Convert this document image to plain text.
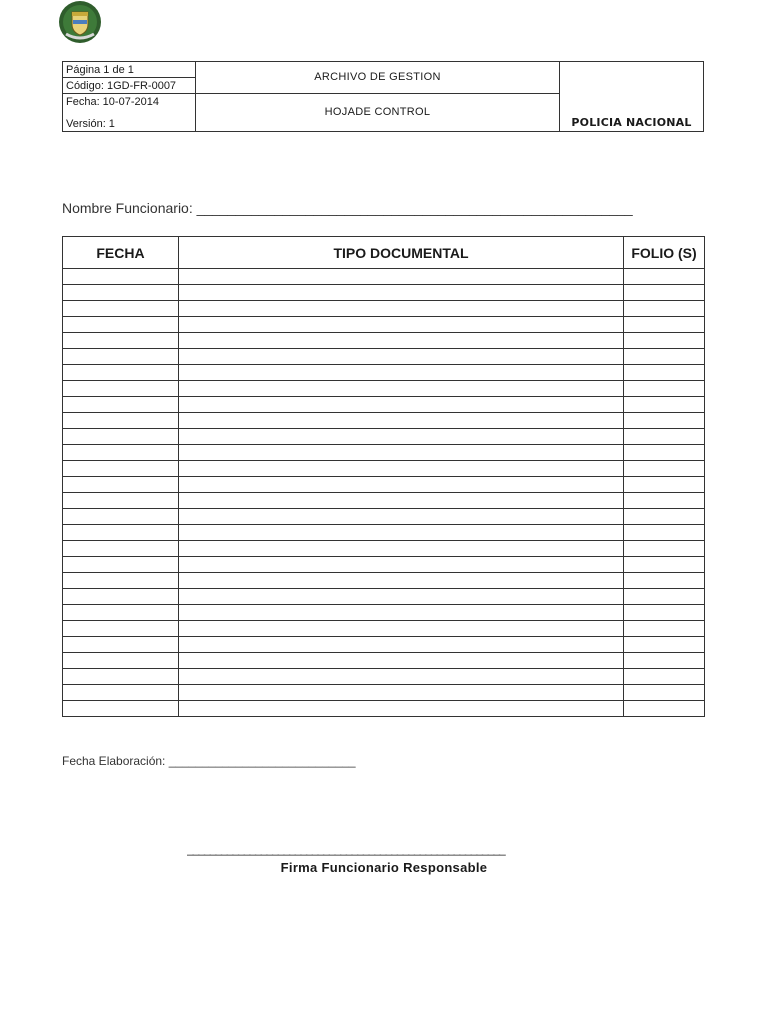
Página 1 de 1
Código: 1GD-FR-0007
Fecha: 10-07-2014
Versión: 1
ARCHIVO DE GESTION
HOJADE CONTROL
POLICIA NACIONAL
Nombre Funcionario: ________________________________________________________
FECHA	TIPO DOCUMENTAL	FOLIO (S)

Fecha Elaboración: ____________________________
________________________________________________________
Firma Funcionario Responsable
